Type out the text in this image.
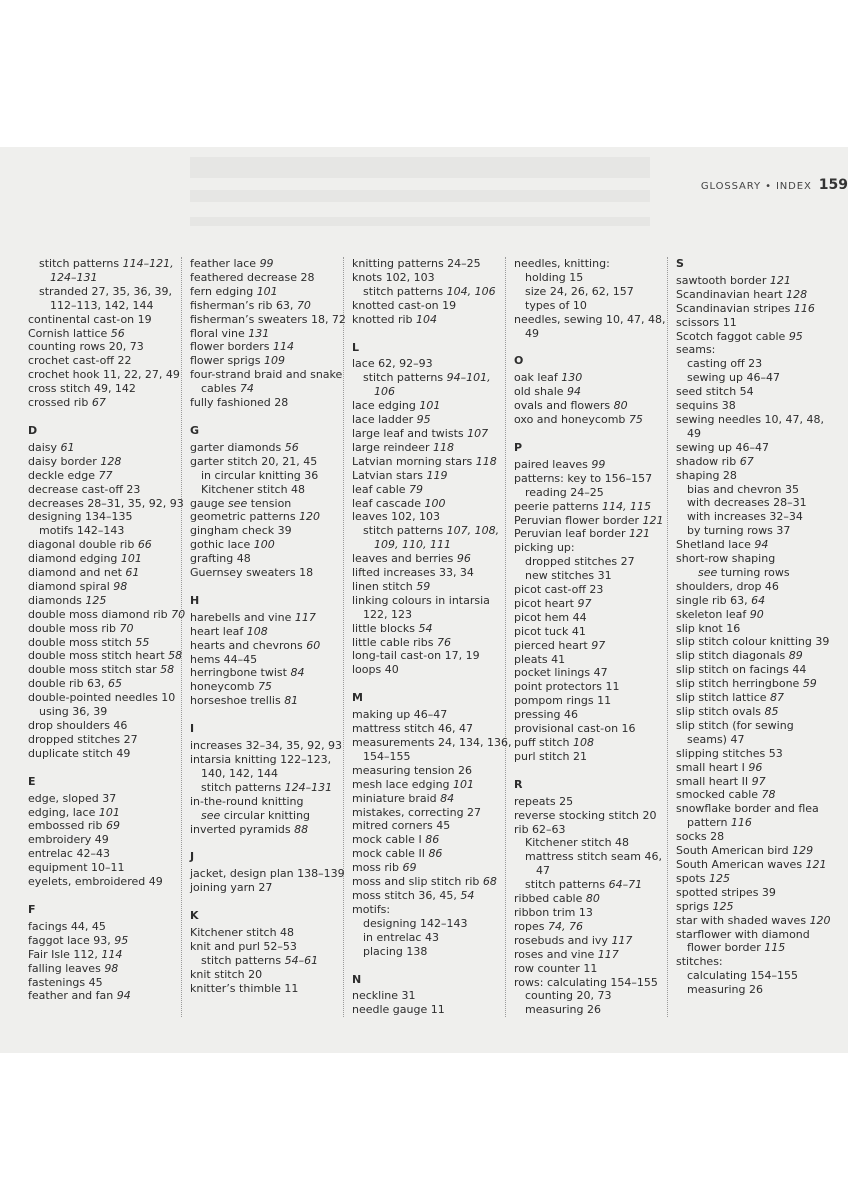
GLOSSARY • INDEX 159
stitch patterns 114–121, 124–131
stranded 27, 35, 36, 39, 112–113, 142, 144
continental cast-on 19
Cornish lattice 56
counting rows 20, 73
crochet cast-off 22
crochet hook 11, 22, 27, 49
cross stitch 49, 142
crossed rib 67
D
daisy 61
daisy border 128
deckle edge 77
decrease cast-off 23
decreases 28–31, 35, 92, 93
designing 134–135
motifs 142–143
diagonal double rib 66
diamond edging 101
diamond and net 61
diamond spiral 98
diamonds 125
double moss diamond rib 70
double moss rib 70
double moss stitch 55
double moss stitch heart 58
double moss stitch star 58
double rib 63, 65
double-pointed needles 10
using 36, 39
drop shoulders 46
dropped stitches 27
duplicate stitch 49
E
edge, sloped 37
edging, lace 101
embossed rib 69
embroidery 49
entrelac 42–43
equipment 10–11
eyelets, embroidered 49
F
facings 44, 45
faggot lace 93, 95
Fair Isle 112, 114
falling leaves 98
fastenings 45
feather and fan 94
feather lace 99
feathered decrease 28
fern edging 101
fisherman’s rib 63, 70
fisherman’s sweaters 18, 72
floral vine 131
flower borders 114
flower sprigs 109
four-strand braid and snake cables 74
fully fashioned 28
G
garter diamonds 56
garter stitch 20, 21, 45
in circular knitting 36
Kitchener stitch 48
gauge see tension
geometric patterns 120
gingham check 39
gothic lace 100
grafting 48
Guernsey sweaters 18
H
harebells and vine 117
heart leaf 108
hearts and chevrons 60
hems 44–45
herringbone twist 84
honeycomb 75
horseshoe trellis 81
I
increases 32–34, 35, 92, 93
intarsia knitting 122–123, 140, 142, 144
stitch patterns 124–131
in-the-round knitting
see circular knitting
inverted pyramids 88
J
jacket, design plan 138–139
joining yarn 27
K
Kitchener stitch 48
knit and purl 52–53
stitch patterns 54–61
knit stitch 20
knitter’s thimble 11
knitting patterns 24–25
knots 102, 103
stitch patterns 104, 106
knotted cast-on 19
knotted rib 104
L
lace 62, 92–93
stitch patterns 94–101, 106
lace edging 101
lace ladder 95
large leaf and twists 107
large reindeer 118
Latvian morning stars 118
Latvian stars 119
leaf cable 79
leaf cascade 100
leaves 102, 103
stitch patterns 107, 108, 109, 110, 111
leaves and berries 96
lifted increases 33, 34
linen stitch 59
linking colours in intarsia 122, 123
little blocks 54
little cable ribs 76
long-tail cast-on 17, 19
loops 40
M
making up 46–47
mattress stitch 46, 47
measurements 24, 134, 136, 154–155
measuring tension 26
mesh lace edging 101
miniature braid 84
mistakes, correcting 27
mitred corners 45
mock cable I 86
mock cable II 86
moss rib 69
moss and slip stitch rib 68
moss stitch 36, 45, 54
motifs:
designing 142–143
in entrelac 43
placing 138
N
neckline 31
needle gauge 11
needles, knitting:
holding 15
size 24, 26, 62, 157
types of 10
needles, sewing 10, 47, 48, 49
O
oak leaf 130
old shale 94
ovals and flowers 80
oxo and honeycomb 75
P
paired leaves 99
patterns: key to 156–157
reading 24–25
peerie patterns 114, 115
Peruvian flower border 121
Peruvian leaf border 121
picking up:
dropped stitches 27
new stitches 31
picot cast-off 23
picot heart 97
picot hem 44
picot tuck 41
pierced heart 97
pleats 41
pocket linings 47
point protectors 11
pompom rings 11
pressing 46
provisional cast-on 16
puff stitch 108
purl stitch 21
R
repeats 25
reverse stocking stitch 20
rib 62–63
Kitchener stitch 48
mattress stitch seam 46, 47
stitch patterns 64–71
ribbed cable 80
ribbon trim 13
ropes 74, 76
rosebuds and ivy 117
roses and vine 117
row counter 11
rows: calculating 154–155
counting 20, 73
measuring 26
S
sawtooth border 121
Scandinavian heart 128
Scandinavian stripes 116
scissors 11
Scotch faggot cable 95
seams:
casting off 23
sewing up 46–47
seed stitch 54
sequins 38
sewing needles 10, 47, 48, 49
sewing up 46–47
shadow rib 67
shaping 28
bias and chevron 35
with decreases 28–31
with increases 32–34
by turning rows 37
Shetland lace 94
short-row shaping
see turning rows
shoulders, drop 46
single rib 63, 64
skeleton leaf 90
slip knot 16
slip stitch colour knitting 39
slip stitch diagonals 89
slip stitch on facings 44
slip stitch herringbone 59
slip stitch lattice 87
slip stitch ovals 85
slip stitch (for sewing seams) 47
slipping stitches 53
small heart I 96
small heart II 97
smocked cable 78
snowflake border and flea pattern 116
socks 28
South American bird 129
South American waves 121
spots 125
spotted stripes 39
sprigs 125
star with shaded waves 120
starflower with diamond flower border 115
stitches:
calculating 154–155
measuring 26
